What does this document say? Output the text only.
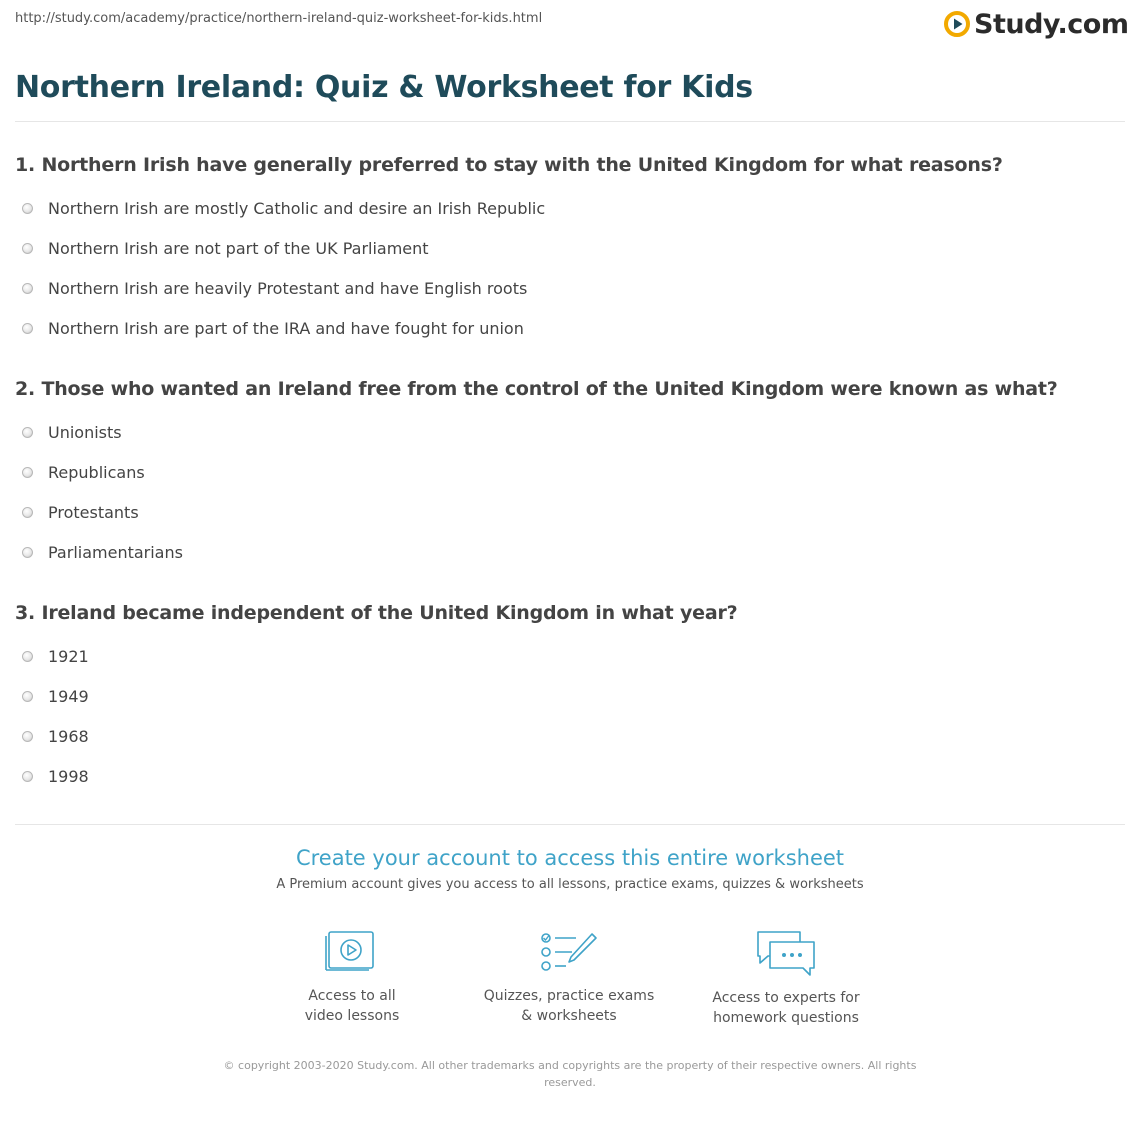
http://study.com/academy/practice/northern-ireland-quiz-worksheet-for-kids.html	Study.com
Northern Ireland: Quiz & Worksheet for Kids
1. Northern Irish have generally preferred to stay with the United Kingdom for what reasons?
Northern Irish are mostly Catholic and desire an Irish Republic
Northern Irish are not part of the UK Parliament
Northern Irish are heavily Protestant and have English roots
Northern Irish are part of the IRA and have fought for union
2. Those who wanted an Ireland free from the control of the United Kingdom were known as what?
Unionists
Republicans
Protestants
Parliamentarians
3. Ireland became independent of the United Kingdom in what year?
1921
1949
1968
1998
Create your account to access this entire worksheet
A Premium account gives you access to all lessons, practice exams, quizzes & worksheets
Access to all
video lessons
Quizzes, practice exams
& worksheets
Access to experts for
homework questions
© copyright 2003-2020 Study.com. All other trademarks and copyrights are the property of their respective owners. All rights
reserved.
